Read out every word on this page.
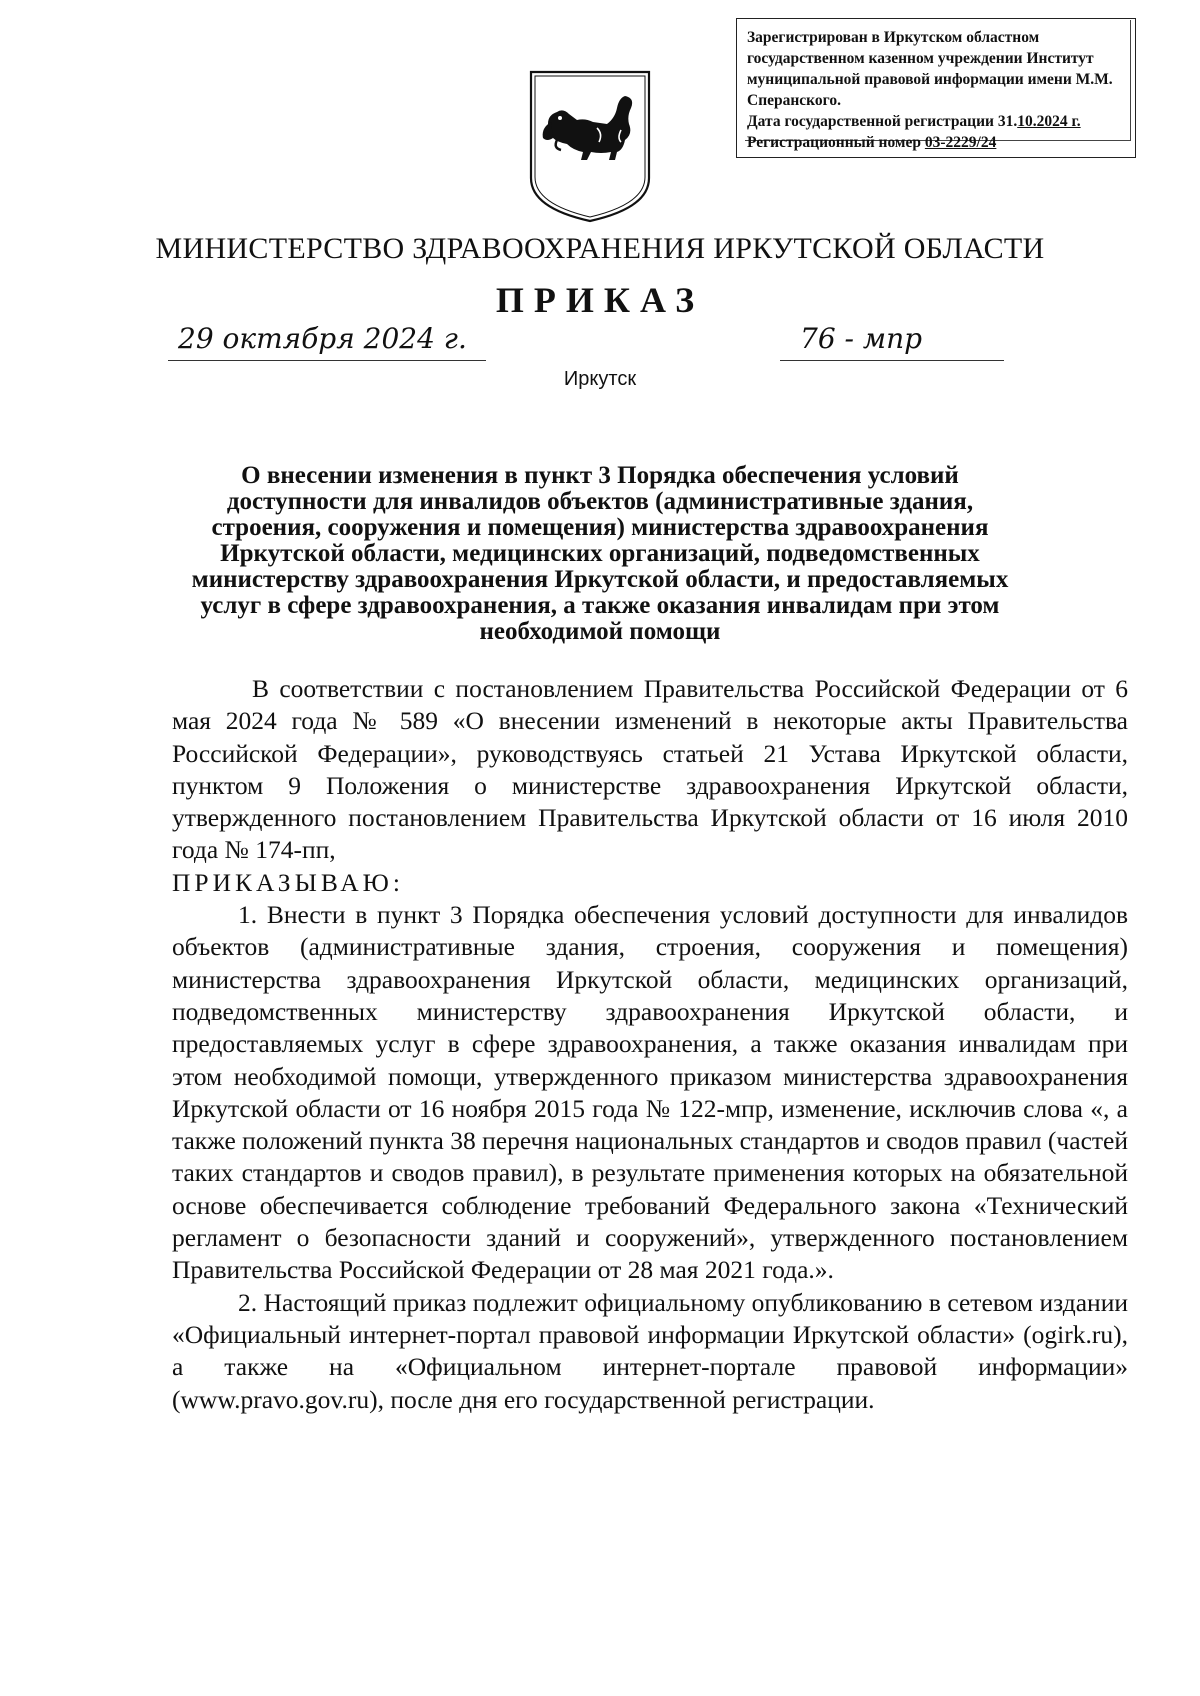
Зарегистрирован в Иркутском областном
государственном казенном учреждении Институт
муниципальной правовой информации имени М.М.
Сперанского.
Дата государственной регистрации 31.10.2024 г.
Регистрационный номер 03-2229/24
МИНИСТЕРСТВО ЗДРАВООХРАНЕНИЯ ИРКУТСКОЙ ОБЛАСТИ
ПРИКАЗ
29 октября 2024 г.	76 - мпр
Иркутск
О внесении изменения в пункт 3 Порядка обеспечения условий доступности для инвалидов объектов (административные здания, строения, сооружения и помещения) министерства здравоохранения Иркутской области, медицинских организаций, подведомственных министерству здравоохранения Иркутской области, и предоставляемых услуг в сфере здравоохранения, а также оказания инвалидам при этом необходимой помощи

В соответствии с постановлением Правительства Российской Федерации от 6 мая 2024 года № 589 «О внесении изменений в некоторые акты Правительства Российской Федерации», руководствуясь статьей 21 Устава Иркутской области, пунктом 9 Положения о министерстве здравоохранения Иркутской области, утвержденного постановлением Правительства Иркутской области от 16 июля 2010 года № 174-пп,

ПРИКАЗЫВАЮ:

1. Внести в пункт 3 Порядка обеспечения условий доступности для инвалидов объектов (административные здания, строения, сооружения и помещения) министерства здравоохранения Иркутской области, медицинских организаций, подведомственных министерству здравоохранения Иркутской области, и предоставляемых услуг в сфере здравоохранения, а также оказания инвалидам при этом необходимой помощи, утвержденного приказом министерства здравоохранения Иркутской области от 16 ноября 2015 года № 122-мпр, изменение, исключив слова «, а также положений пункта 38 перечня национальных стандартов и сводов правил (частей таких стандартов и сводов правил), в результате применения которых на обязательной основе обеспечивается соблюдение требований Федерального закона «Технический регламент о безопасности зданий и сооружений», утвержденного постановлением Правительства Российской Федерации от 28 мая 2021 года.».

2. Настоящий приказ подлежит официальному опубликованию в сетевом издании «Официальный интернет-портал правовой информации Иркутской области» (ogirk.ru), а также на «Официальном интернет-портале правовой информации» (www.pravo.gov.ru), после дня его государственной регистрации.
